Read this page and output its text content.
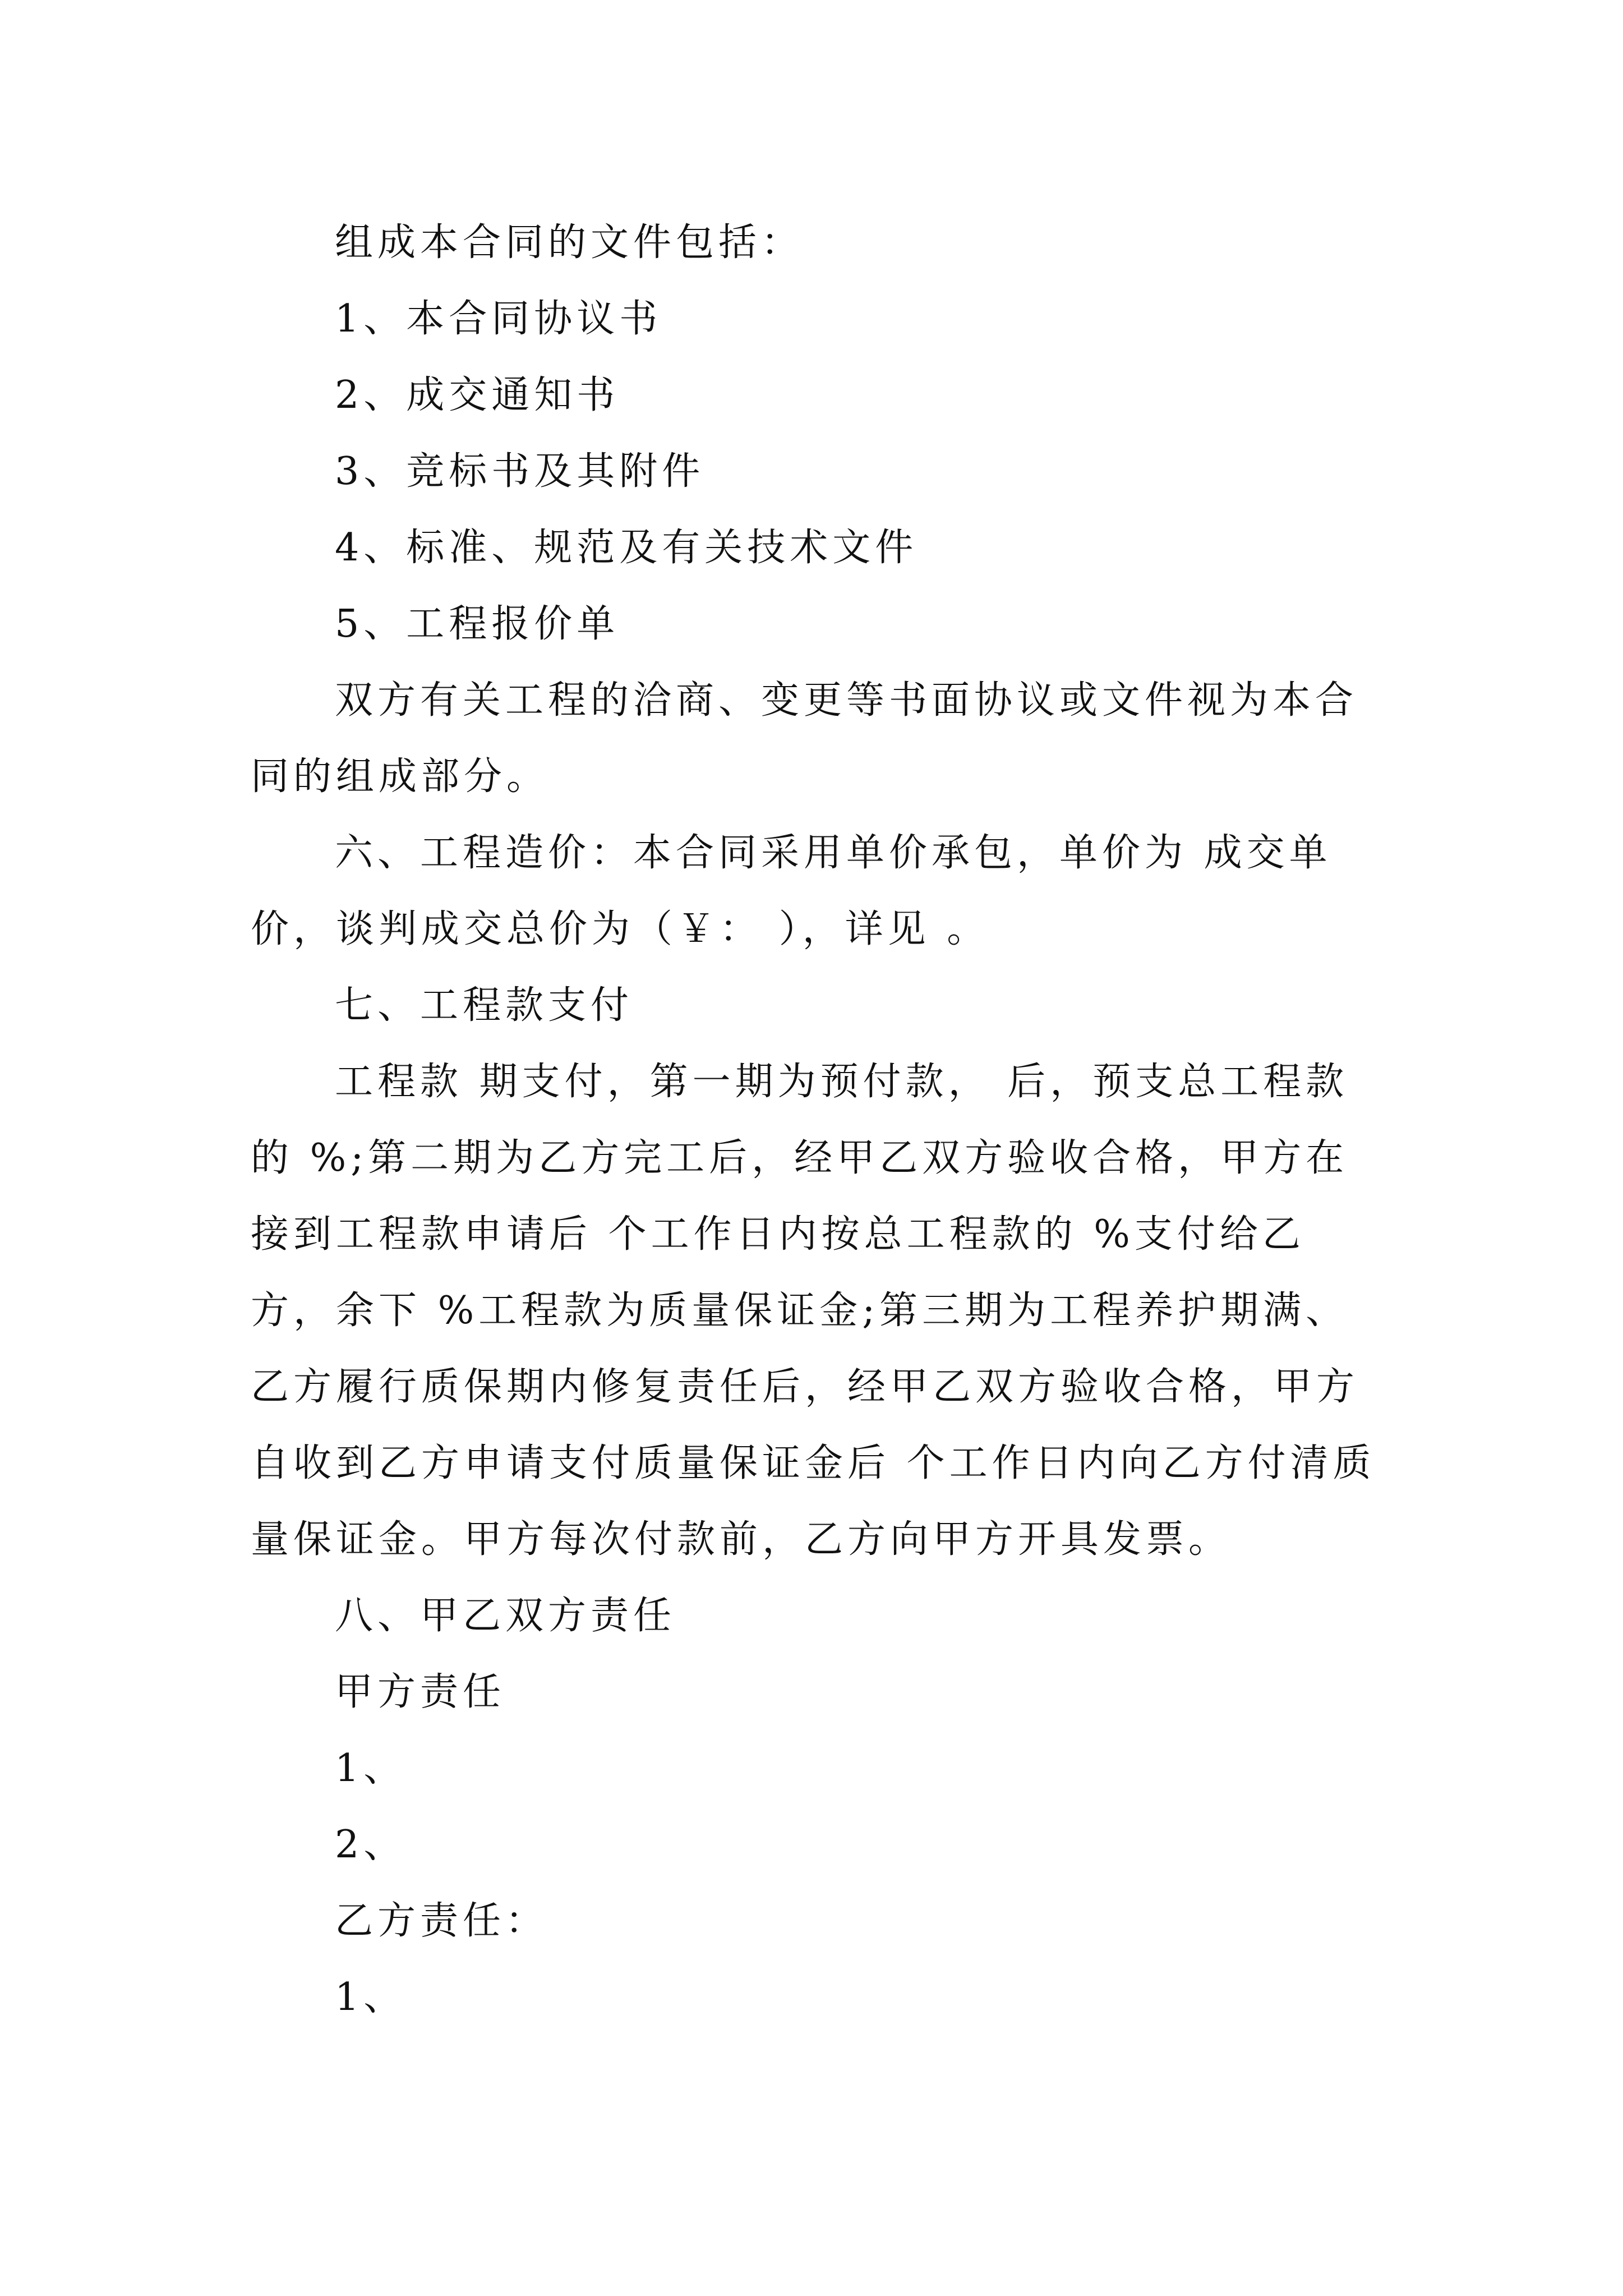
组成本合同的文件包括：

1、本合同协议书

2、成交通知书

3、竞标书及其附件

4、标准、规范及有关技术文件

5、工程报价单

双方有关工程的洽商、变更等书面协议或文件视为本合同的组成部分。

六、工程造价：本合同采用单价承包，单价为 成交单价，谈判成交总价为（￥： ），详见 。

七、工程款支付

工程款 期支付，第一期为预付款， 后，预支总工程款的 %;第二期为乙方完工后，经甲乙双方验收合格，甲方在接到工程款申请后 个工作日内按总工程款的 %支付给乙方，余下 %工程款为质量保证金;第三期为工程养护期满、乙方履行质保期内修复责任后，经甲乙双方验收合格，甲方自收到乙方申请支付质量保证金后 个工作日内向乙方付清质量保证金。甲方每次付款前，乙方向甲方开具发票。

八、甲乙双方责任

甲方责任

1、

2、

乙方责任：

1、
